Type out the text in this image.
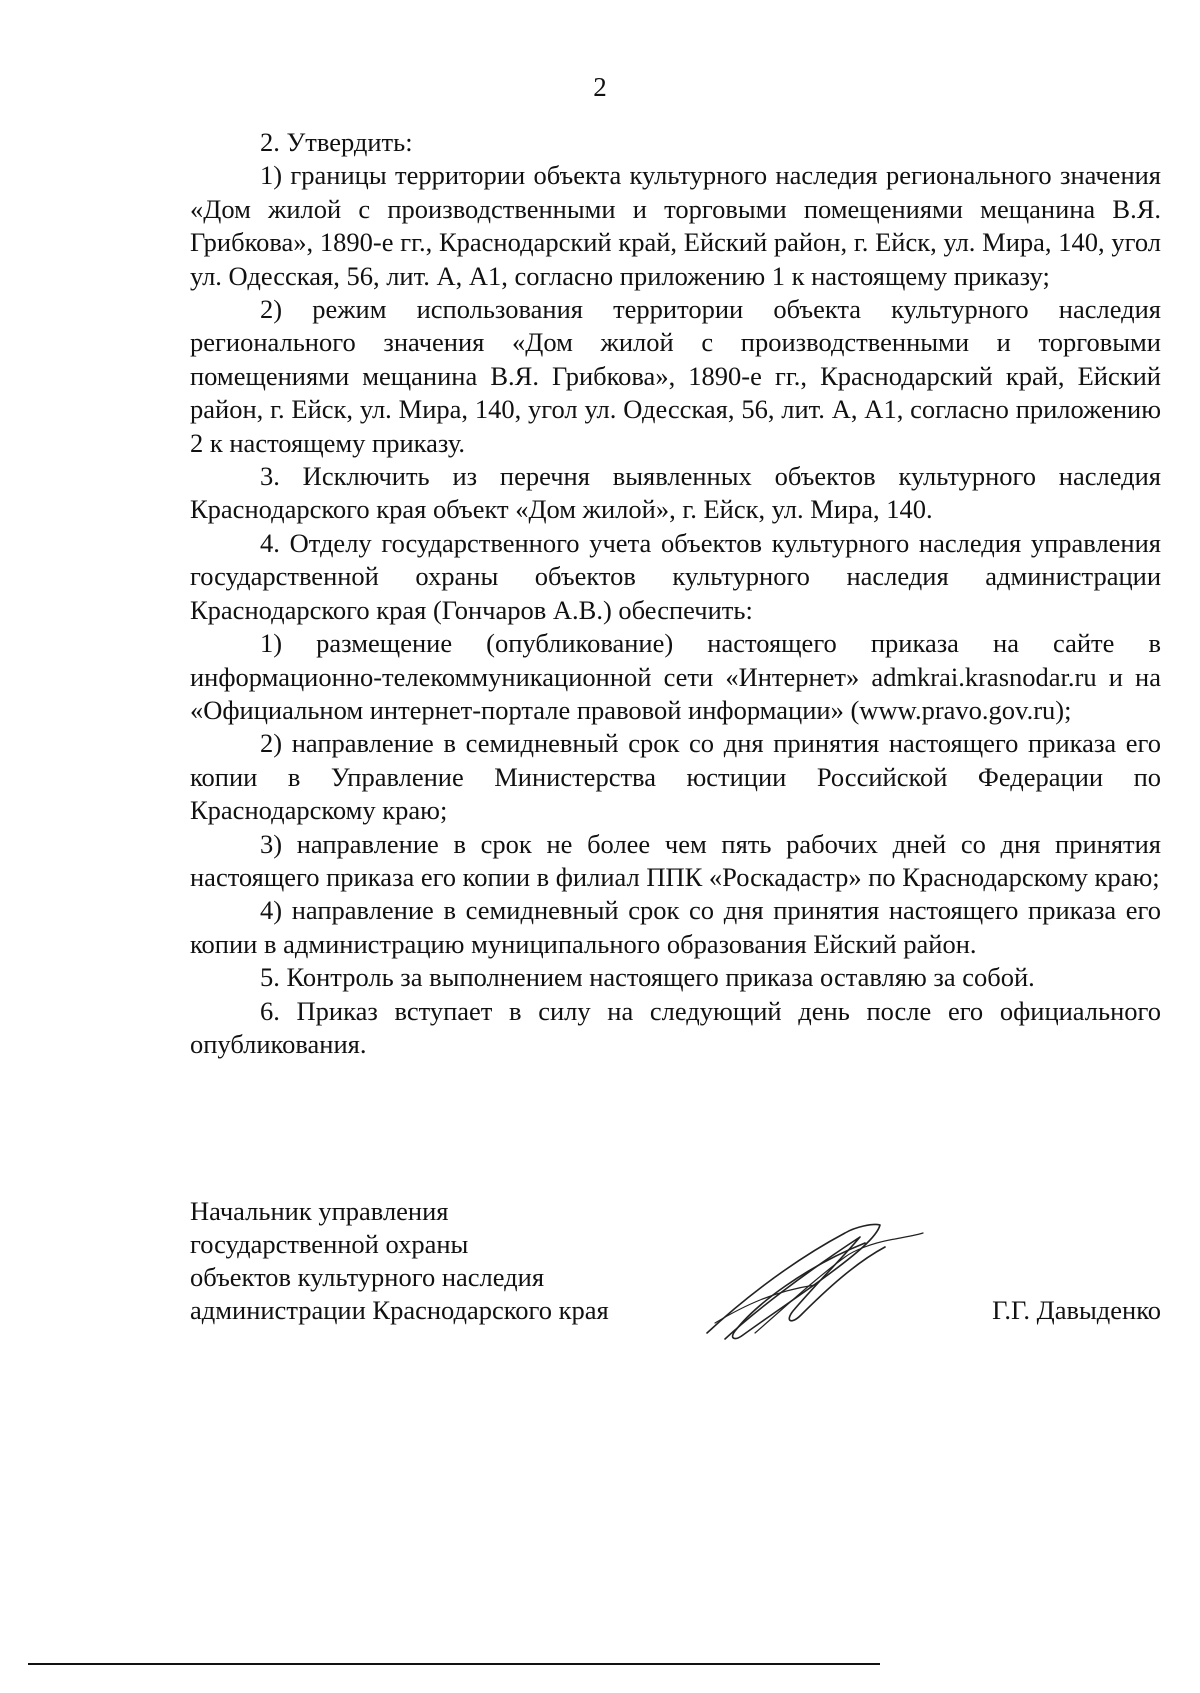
2

2. Утвердить:

1) границы территории объекта культурного наследия регионального значения «Дом жилой с производственными и торговыми помещениями мещанина В.Я. Грибкова», 1890-е гг., Краснодарский край, Ейский район, г. Ейск, ул. Мира, 140, угол ул. Одесская, 56, лит. А, А1, согласно приложению 1 к настоящему приказу;

2) режим использования территории объекта культурного наследия регионального значения «Дом жилой с производственными и торговыми помещениями мещанина В.Я. Грибкова», 1890-е гг., Краснодарский край, Ейский район, г. Ейск, ул. Мира, 140, угол ул. Одесская, 56, лит. А, А1, согласно приложению 2 к настоящему приказу.

3. Исключить из перечня выявленных объектов культурного наследия Краснодарского края объект «Дом жилой», г. Ейск, ул. Мира, 140.

4. Отделу государственного учета объектов культурного наследия управления государственной охраны объектов культурного наследия администрации Краснодарского края (Гончаров А.В.) обеспечить:

1) размещение (опубликование) настоящего приказа на сайте в информационно-телекоммуникационной сети «Интернет» admkrai.krasnodar.ru и на «Официальном интернет-портале правовой информации» (www.pravo.gov.ru);

2) направление в семидневный срок со дня принятия настоящего приказа его копии в Управление Министерства юстиции Российской Федерации по Краснодарскому краю;

3) направление в срок не более чем пять рабочих дней со дня принятия настоящего приказа его копии в филиал ППК «Роскадастр» по Краснодарскому краю;

4) направление в семидневный срок со дня принятия настоящего приказа его копии в администрацию муниципального образования Ейский район.

5. Контроль за выполнением настоящего приказа оставляю за собой.

6. Приказ вступает в силу на следующий день после его официального опубликования.

Начальник управления
государственной охраны
объектов культурного наследия
администрации Краснодарского края	Г.Г. Давыденко
